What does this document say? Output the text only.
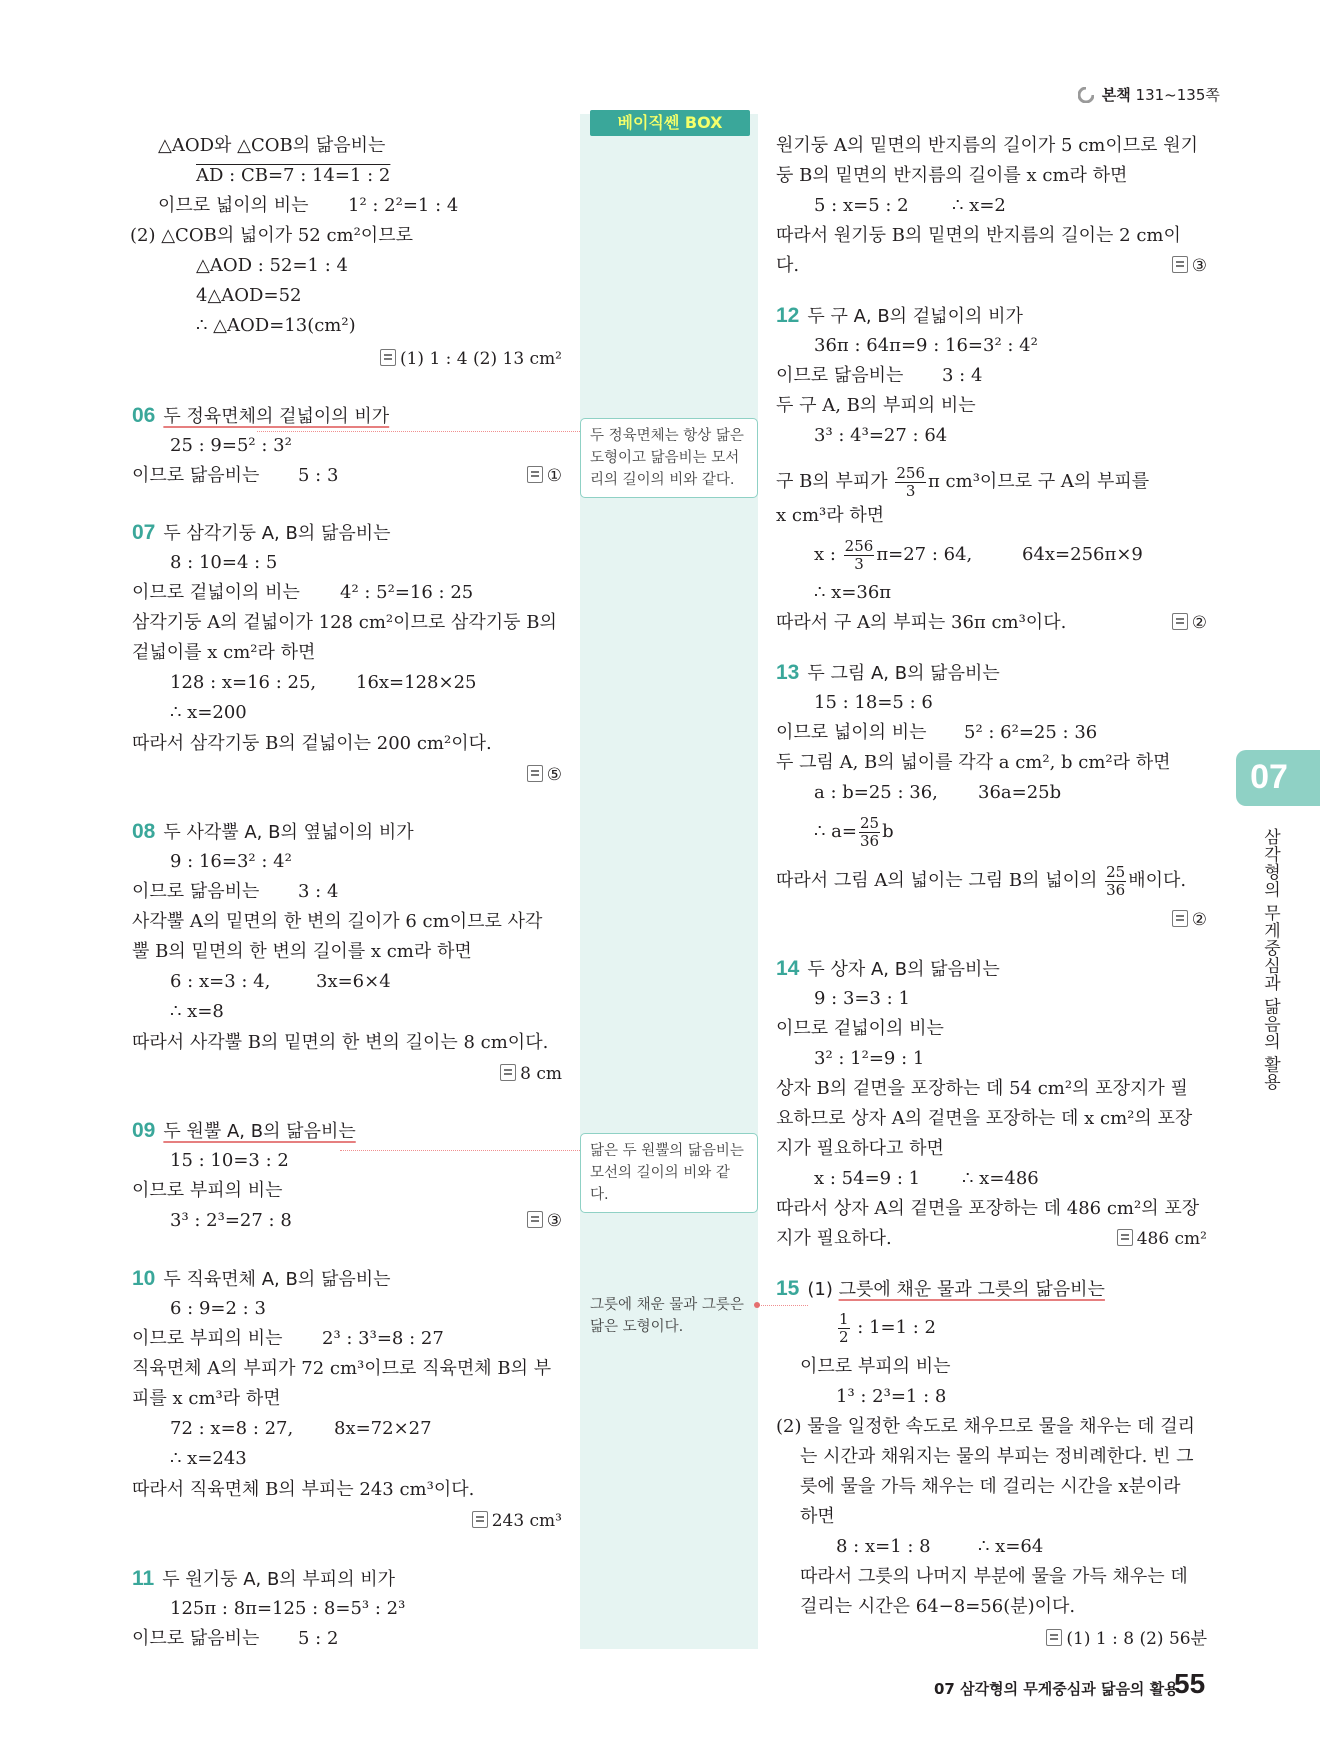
본책 131~135쪽
베이직쎈 BOX
두 정육면체는 항상 닮은 도형이고 닮음비는 모서리의 길이의 비와 같다.
닮은 두 원뿔의 닮음비는 모선의 길이의 비와 같다.
그릇에 채운 물과 그릇은 닮은 도형이다.
07
삼각형의 무게중심과 닮음의 활용
07 삼각형의 무게중심과 닮음의 활용
55
△AOD와 △COB의 닮음비는
AD : CB=7 : 14=1 : 2
이므로 넓이의 비는 1² : 2²=1 : 4
(2) △COB의 넓이가 52 cm²이므로
△AOD : 52=1 : 4
4△AOD=52
∴ △AOD=13(cm²)
(1) 1 : 4 (2) 13 cm²
06 두 정육면체의 겉넓이의 비가
25 : 9=5² : 3²
이므로 닮음비는 5 : 3	①
07 두 삼각기둥 A, B의 닮음비는
8 : 10=4 : 5
이므로 겉넓이의 비는 4² : 5²=16 : 25
삼각기둥 A의 겉넓이가 128 cm²이므로 삼각기둥 B의
겉넓이를 x cm²라 하면
128 : x=16 : 25, 16x=128×25
∴ x=200
따라서 삼각기둥 B의 겉넓이는 200 cm²이다.
⑤
08 두 사각뿔 A, B의 옆넓이의 비가
9 : 16=3² : 4²
이므로 닮음비는 3 : 4
사각뿔 A의 밑면의 한 변의 길이가 6 cm이므로 사각
뿔 B의 밑면의 한 변의 길이를 x cm라 하면
6 : x=3 : 4,	3x=6×4
∴ x=8
따라서 사각뿔 B의 밑면의 한 변의 길이는 8 cm이다.
8 cm
09 두 원뿔 A, B의 닮음비는
15 : 10=3 : 2
이므로 부피의 비는
3³ : 2³=27 : 8	③
10 두 직육면체 A, B의 닮음비는
6 : 9=2 : 3
이므로 부피의 비는 2³ : 3³=8 : 27
직육면체 A의 부피가 72 cm³이므로 직육면체 B의 부
피를 x cm³라 하면
72 : x=8 : 27, 8x=72×27
∴ x=243
따라서 직육면체 B의 부피는 243 cm³이다.
243 cm³
11 두 원기둥 A, B의 부피의 비가
125π : 8π=125 : 8=5³ : 2³
이므로 닮음비는 5 : 2
원기둥 A의 밑면의 반지름의 길이가 5 cm이므로 원기
둥 B의 밑면의 반지름의 길이를 x cm라 하면
5 : x=5 : 2 ∴ x=2
따라서 원기둥 B의 밑면의 반지름의 길이는 2 cm이
다.	③
12 두 구 A, B의 겉넓이의 비가
36π : 64π=9 : 16=3² : 4²
이므로 닮음비는 3 : 4
두 구 A, B의 부피의 비는
3³ : 4³=27 : 64
구 B의 부피가 $\frac{256}{3}$ π cm³이므로 구 A의 부피를
x cm³라 하면
x : $\frac{256}{3} \pi=27$ : 64,	64x=256π×9
∴ x=36π
따라서 구 A의 부피는 36π cm³이다.	②
13 두 그림 A, B의 닮음비는
15 : 18=5 : 6
이므로 넓이의 비는 5² : 6²=25 : 36
두 그림 A, B의 넓이를 각각 a cm², b cm²라 하면
a : b=25 : 36, 36a=25b
∴ $a= \frac{25}{36}$ b
따라서 그림 A의 넓이는 그림 B의 넓이의 $\frac{25}{36}$ 배이다.
②
14 두 상자 A, B의 닮음비는
9 : 3=3 : 1
이므로 겉넓이의 비는
3² : 1²=9 : 1
상자 B의 겉면을 포장하는 데 54 cm²의 포장지가 필
요하므로 상자 A의 겉면을 포장하는 데 x cm²의 포장
지가 필요하다고 하면
x : 54=9 : 1 ∴ x=486
따라서 상자 A의 겉면을 포장하는 데 486 cm²의 포장
지가 필요하다.	486 cm²
15 (1) 그릇에 채운 물과 그릇의 닮음비는
$\frac{1}{2}$ : 1=1 : 2
이므로 부피의 비는
1³ : 2³=1 : 8
(2) 물을 일정한 속도로 채우므로 물을 채우는 데 걸리
는 시간과 채워지는 물의 부피는 정비례한다. 빈 그
릇에 물을 가득 채우는 데 걸리는 시간을 x분이라
하면
8 : x=1 : 8	∴ x=64
따라서 그릇의 나머지 부분에 물을 가득 채우는 데
걸리는 시간은 64−8=56(분)이다.
(1) 1 : 8 (2) 56분
